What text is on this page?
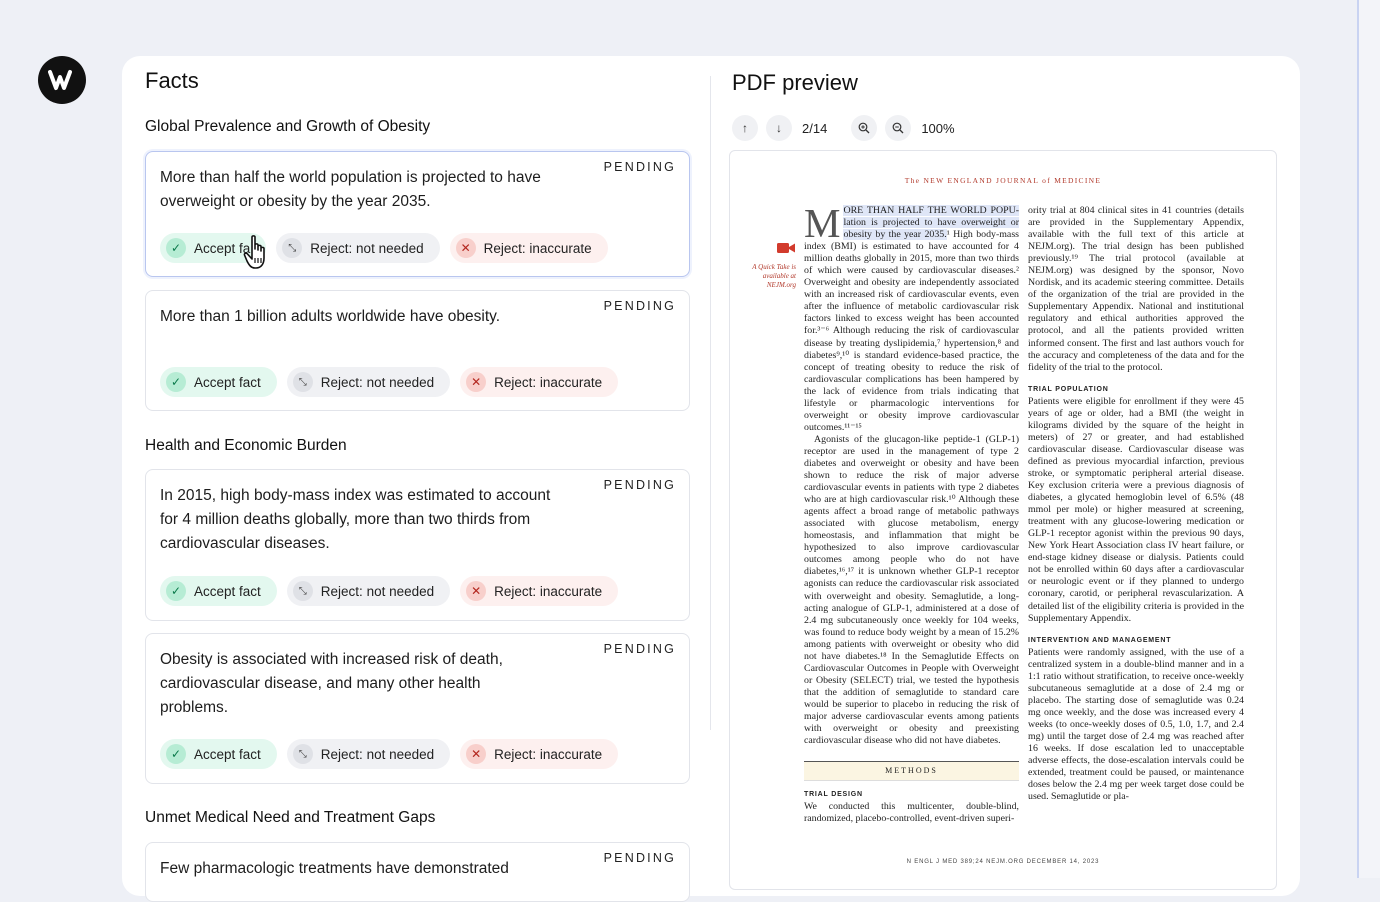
Facts
Global Prevalence and Growth of Obesity
More than half the world population is projected to have overweight or obesity by the year 2035.
PENDING
✓ Accept fa	⤡	Reject: not needed	✕ Reject: inaccurate
More than 1 billion adults worldwide have obesity.
PENDING
✓ Accept fact	⤡	Reject: not needed	✕ Reject: inaccurate
Health and Economic Burden
In 2015, high body-mass index was estimated to account for 4 million deaths globally, more than two thirds from cardiovascular diseases.
PENDING
✓ Accept fact	⤡	Reject: not needed	✕ Reject: inaccurate
Obesity is associated with increased risk of death, cardiovascular disease, and many other health problems.
PENDING
✓ Accept fact	⤡	Reject: not needed	✕ Reject: inaccurate
Unmet Medical Need and Treatment Gaps
Few pharmacologic treatments have demonstrated
PENDING
PDF preview
↑ ↓ 2/14	100%
The NEW ENGLAND JOURNAL of MEDICINE
A Quick Take is available at NEJM.org

MORE THAN HALF THE WORLD POPU- lation is projected to have overweight or obesity by the year 2035.¹ High body-mass index (BMI) is estimated to have accounted for 4 million deaths globally in 2015, more than two thirds of which were caused by cardiovascular diseases.² Overweight and obesity are independently associated with an increased risk of cardiovascular events, even after the influence of metabolic cardiovascular risk factors linked to excess weight has been accounted for.³⁻⁶ Although reducing the risk of cardiovascular disease by treating dyslipidemia,⁷ hypertension,⁸ and diabetes⁹,¹⁰ is standard evidence-based practice, the concept of treating obesity to reduce the risk of cardiovascular complications has been hampered by the lack of evidence from trials indicating that lifestyle or pharmacologic interventions for overweight or obesity improve cardiovascular outcomes.¹¹⁻¹⁵

Agonists of the glucagon-like peptide-1 (GLP-1) receptor are used in the management of type 2 diabetes and overweight or obesity and have been shown to reduce the risk of major adverse cardiovascular events in patients with type 2 diabetes who are at high cardiovascular risk.¹⁰ Although these agents affect a broad range of metabolic pathways associated with glucose metabolism, energy homeostasis, and inflammation that might be hypothesized to also improve cardiovascular outcomes among people who do not have diabetes,¹⁶,¹⁷ it is unknown whether GLP-1 receptor agonists can reduce the cardiovascular risk associated with overweight and obesity. Semaglutide, a long-acting analogue of GLP-1, administered at a dose of 2.4 mg subcutaneously once weekly for 104 weeks, was found to reduce body weight by a mean of 15.2% among patients with overweight or obesity who did not have diabetes.¹⁸ In the Semaglutide Effects on Cardiovascular Outcomes in People with Overweight or Obesity (SELECT) trial, we tested the hypothesis that the addition of semaglutide to standard care would be superior to placebo in reducing the risk of major adverse cardiovascular events among patients with overweight or obesity and preexisting cardiovascular disease who did not have diabetes.

METHODS
TRIAL DESIGN

We conducted this multicenter, double-blind, randomized, placebo-controlled, event-driven superi-

ority trial at 804 clinical sites in 41 countries (details are provided in the Supplementary Appendix, available with the full text of this article at NEJM.org). The trial design has been published previously.¹⁹ The trial protocol (available at NEJM.org) was designed by the sponsor, Novo Nordisk, and its academic steering committee. Details of the organization of the trial are provided in the Supplementary Appendix. National and institutional regulatory and ethical authorities approved the protocol, and all the patients provided written informed consent. The first and last authors vouch for the accuracy and completeness of the data and for the fidelity of the trial to the protocol.

TRIAL POPULATION

Patients were eligible for enrollment if they were 45 years of age or older, had a BMI (the weight in kilograms divided by the square of the height in meters) of 27 or greater, and had established cardiovascular disease. Cardiovascular disease was defined as previous myocardial infarction, previous stroke, or symptomatic peripheral arterial disease. Key exclusion criteria were a previous diagnosis of diabetes, a glycated hemoglobin level of 6.5% (48 mmol per mole) or higher measured at screening, treatment with any glucose-lowering medication or GLP-1 receptor agonist within the previous 90 days, New York Heart Association class IV heart failure, or end-stage kidney disease or dialysis. Patients could not be enrolled within 60 days after a cardiovascular or neurologic event or if they planned to undergo coronary, carotid, or peripheral revascularization. A detailed list of the eligibility criteria is provided in the Supplementary Appendix.

INTERVENTION AND MANAGEMENT

Patients were randomly assigned, with the use of a centralized system in a double-blind manner and in a 1:1 ratio without stratification, to receive once-weekly subcutaneous semaglutide at a dose of 2.4 mg or placebo. The starting dose of semaglutide was 0.24 mg once weekly, and the dose was increased every 4 weeks (to once-weekly doses of 0.5, 1.0, 1.7, and 2.4 mg) until the target dose of 2.4 mg was reached after 16 weeks. If dose escalation led to unacceptable adverse effects, the dose-escalation intervals could be extended, treatment could be paused, or maintenance doses below the 2.4 mg per week target dose could be used. Semaglutide or pla-

N ENGL J MED 389;24 NEJM.ORG DECEMBER 14, 2023
